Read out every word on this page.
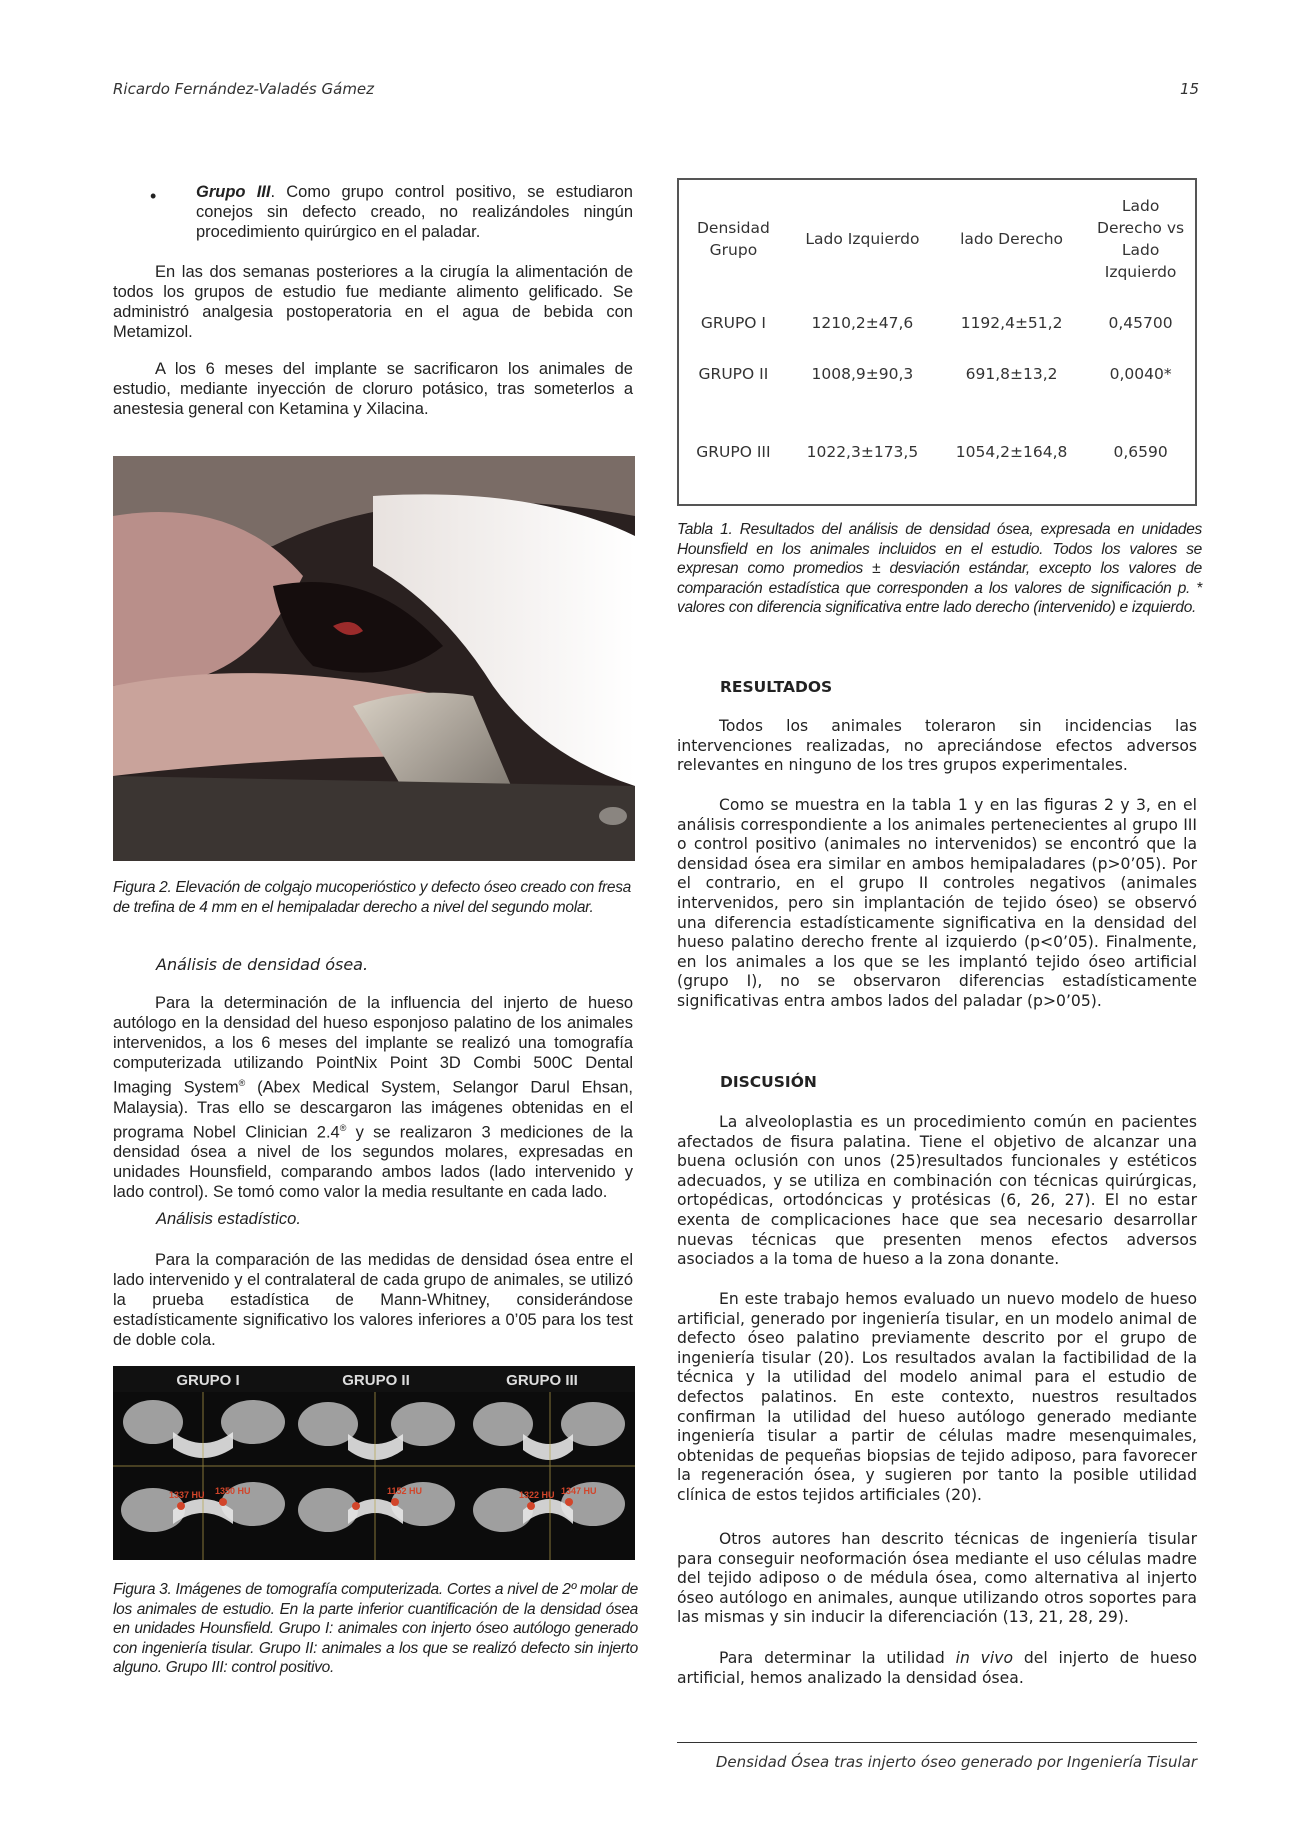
Ricardo Fernández-Valadés Gámez	15
• Grupo III. Como grupo control positivo, se estudiaron conejos sin defecto creado, no realizándoles ningún procedimiento quirúrgico en el paladar.

En las dos semanas posteriores a la cirugía la alimentación de todos los grupos de estudio fue mediante alimento gelificado. Se administró analgesia postoperatoria en el agua de bebida con Metamizol.

A los 6 meses del implante se sacrificaron los animales de estudio, mediante inyección de cloruro potásico, tras someterlos a anestesia general con Ketamina y Xilacina.

Figura 2. Elevación de colgajo mucoperióstico y defecto óseo creado con fresa de trefina de 4 mm en el hemipaladar derecho a nivel del segundo molar.

Análisis de densidad ósea.

Para la determinación de la influencia del injerto de hueso autólogo en la densidad del hueso esponjoso palatino de los animales intervenidos, a los 6 meses del implante se realizó una tomografía computerizada utilizando PointNix Point 3D Combi 500C Dental Imaging System® (Abex Medical System, Selangor Darul Ehsan, Malaysia). Tras ello se descargaron las imágenes obtenidas en el programa Nobel Clinician 2.4® y se realizaron 3 mediciones de la densidad ósea a nivel de los segundos molares, expresadas en unidades Hounsfield, comparando ambos lados (lado intervenido y lado control). Se tomó como valor la media resultante en cada lado.

Análisis estadístico.

Para la comparación de las medidas de densidad ósea entre el lado intervenido y el contralateral de cada grupo de animales, se utilizó la prueba estadística de Mann-Whitney, considerándose estadísticamente significativo los valores inferiores a 0’05 para los test de doble cola.

GRUPO I	GRUPO II	GRUPO III
1337 HU 1350 HU	1152 HU	1322 HU 1347 HU

Figura 3. Imágenes de tomografía computerizada. Cortes a nivel de 2º molar de los animales de estudio. En la parte inferior cuantificación de la densidad ósea en unidades Hounsfield. Grupo I: animales con injerto óseo autólogo generado con ingeniería tisular. Grupo II: animales a los que se realizó defecto sin injerto alguno. Grupo III: control positivo.

Densidad Grupo	Lado Izquierdo	lado Derecho	Lado Derecho vs Lado Izquierdo
GRUPO I	1210,2±47,6	1192,4±51,2	0,45700
GRUPO II	1008,9±90,3	691,8±13,2	0,0040*
GRUPO III	1022,3±173,5	1054,2±164,8	0,6590

Tabla 1. Resultados del análisis de densidad ósea, expresada en unidades Hounsfield en los animales incluidos en el estudio. Todos los valores se expresan como promedios ± desviación estándar, excepto los valores de comparación estadística que corresponden a los valores de significación p. * valores con diferencia significativa entre lado derecho (intervenido) e izquierdo.

RESULTADOS

Todos los animales toleraron sin incidencias las intervenciones realizadas, no apreciándose efectos adversos relevantes en ninguno de los tres grupos experimentales.

Como se muestra en la tabla 1 y en las figuras 2 y 3, en el análisis correspondiente a los animales pertenecientes al grupo III o control positivo (animales no intervenidos) se encontró que la densidad ósea era similar en ambos hemipaladares (p>0’05). Por el contrario, en el grupo II controles negativos (animales intervenidos, pero sin implantación de tejido óseo) se observó una diferencia estadísticamente significativa en la densidad del hueso palatino derecho frente al izquierdo (p<0’05). Finalmente, en los animales a los que se les implantó tejido óseo artificial (grupo I), no se observaron diferencias estadísticamente significativas entra ambos lados del paladar (p>0’05).

DISCUSIÓN

La alveoloplastia es un procedimiento común en pacientes afectados de fisura palatina. Tiene el objetivo de alcanzar una buena oclusión con unos (25)resultados funcionales y estéticos adecuados, y se utiliza en combinación con técnicas quirúrgicas, ortopédicas, ortodóncicas y protésicas (6, 26, 27). El no estar exenta de complicaciones hace que sea necesario desarrollar nuevas técnicas que presenten menos efectos adversos asociados a la toma de hueso a la zona donante.

En este trabajo hemos evaluado un nuevo modelo de hueso artificial, generado por ingeniería tisular, en un modelo animal de defecto óseo palatino previamente descrito por el grupo de ingeniería tisular (20). Los resultados avalan la factibilidad de la técnica y la utilidad del modelo animal para el estudio de defectos palatinos. En este contexto, nuestros resultados confirman la utilidad del hueso autólogo generado mediante ingeniería tisular a partir de células madre mesenquimales, obtenidas de pequeñas biopsias de tejido adiposo, para favorecer la regeneración ósea, y sugieren por tanto la posible utilidad clínica de estos tejidos artificiales (20).

Otros autores han descrito técnicas de ingeniería tisular para conseguir neoformación ósea mediante el uso células madre del tejido adiposo o de médula ósea, como alternativa al injerto óseo autólogo en animales, aunque utilizando otros soportes para las mismas y sin inducir la diferenciación (13, 21, 28, 29).

Para determinar la utilidad in vivo del injerto de hueso artificial, hemos analizado la densidad ósea.

Densidad Ósea tras injerto óseo generado por Ingeniería Tisular
